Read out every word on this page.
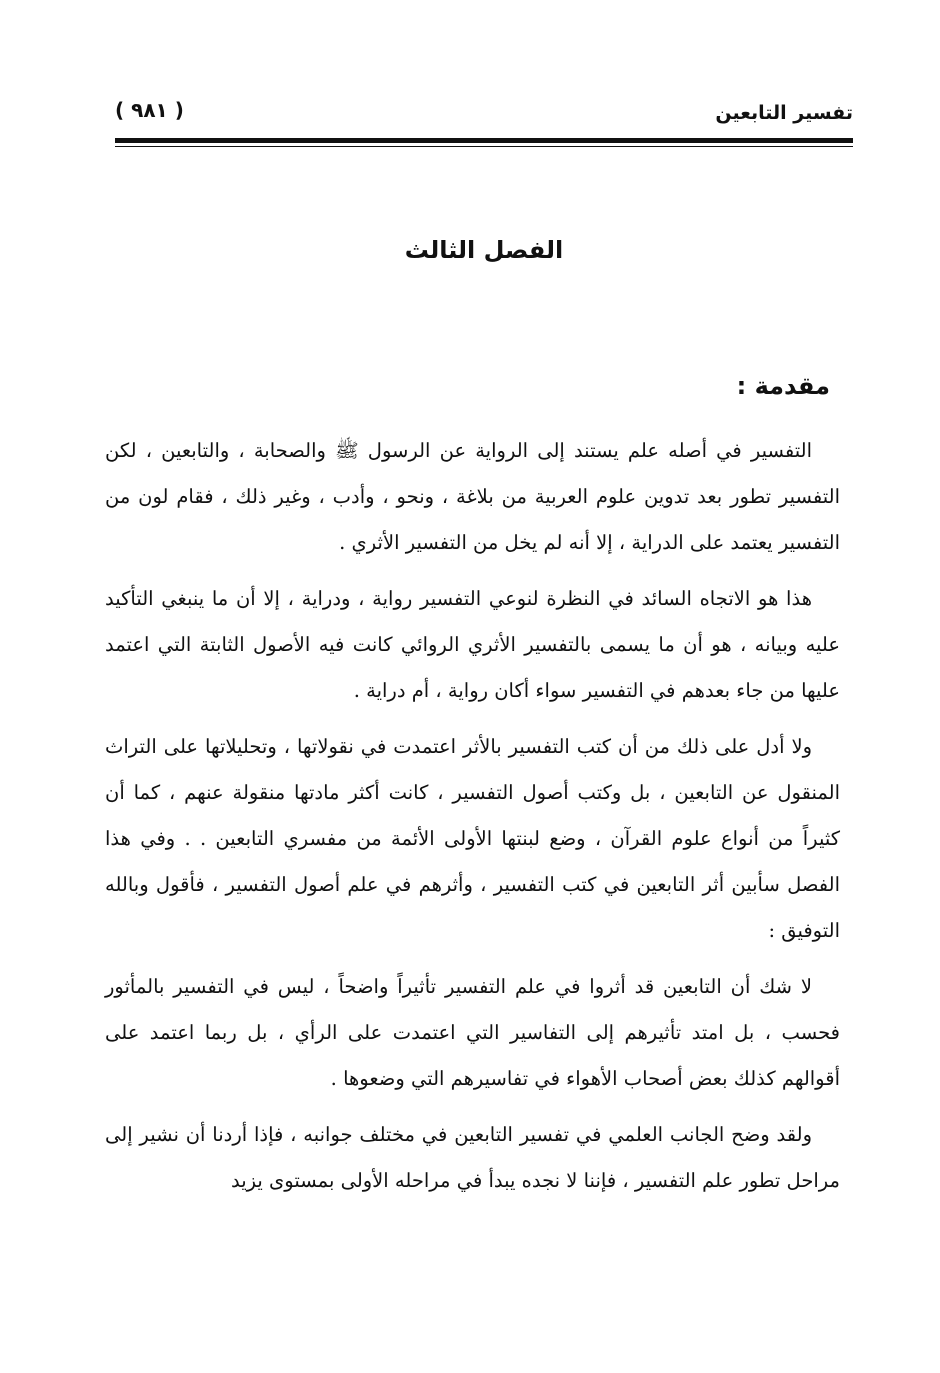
تفسير التابعين
( ٩٨١ )
الفصل الثالث
مقدمة :

التفسير في أصله علم يستند إلى الرواية عن الرسول ﷺ والصحابة ، والتابعين ، لكن التفسير تطور بعد تدوين علوم العربية من بلاغة ، ونحو ، وأدب ، وغير ذلك ، فقام لون من التفسير يعتمد على الدراية ، إلا أنه لم يخل من التفسير الأثري .

هذا هو الاتجاه السائد في النظرة لنوعي التفسير رواية ، ودراية ، إلا أن ما ينبغي التأكيد عليه وبيانه ، هو أن ما يسمى بالتفسير الأثري الروائي كانت فيه الأصول الثابتة التي اعتمد عليها من جاء بعدهم في التفسير سواء أكان رواية ، أم دراية .

ولا أدل على ذلك من أن كتب التفسير بالأثر اعتمدت في نقولاتها ، وتحليلاتها على التراث المنقول عن التابعين ، بل وكتب أصول التفسير ، كانت أكثر مادتها منقولة عنهم ، كما أن كثيراً من أنواع علوم القرآن ، وضع لبنتها الأولى الأئمة من مفسري التابعين . . وفي هذا الفصل سأبين أثر التابعين في كتب التفسير ، وأثرهم في علم أصول التفسير ، فأقول وبالله التوفيق :

لا شك أن التابعين قد أثروا في علم التفسير تأثيراً واضحاً ، ليس في التفسير بالمأثور فحسب ، بل امتد تأثيرهم إلى التفاسير التي اعتمدت على الرأي ، بل ربما اعتمد على أقوالهم كذلك بعض أصحاب الأهواء في تفاسيرهم التي وضعوها .

ولقد وضح الجانب العلمي في تفسير التابعين في مختلف جوانبه ، فإذا أردنا أن نشير إلى مراحل تطور علم التفسير ، فإننا لا نجده يبدأ في مراحله الأولى بمستوى يزيد
